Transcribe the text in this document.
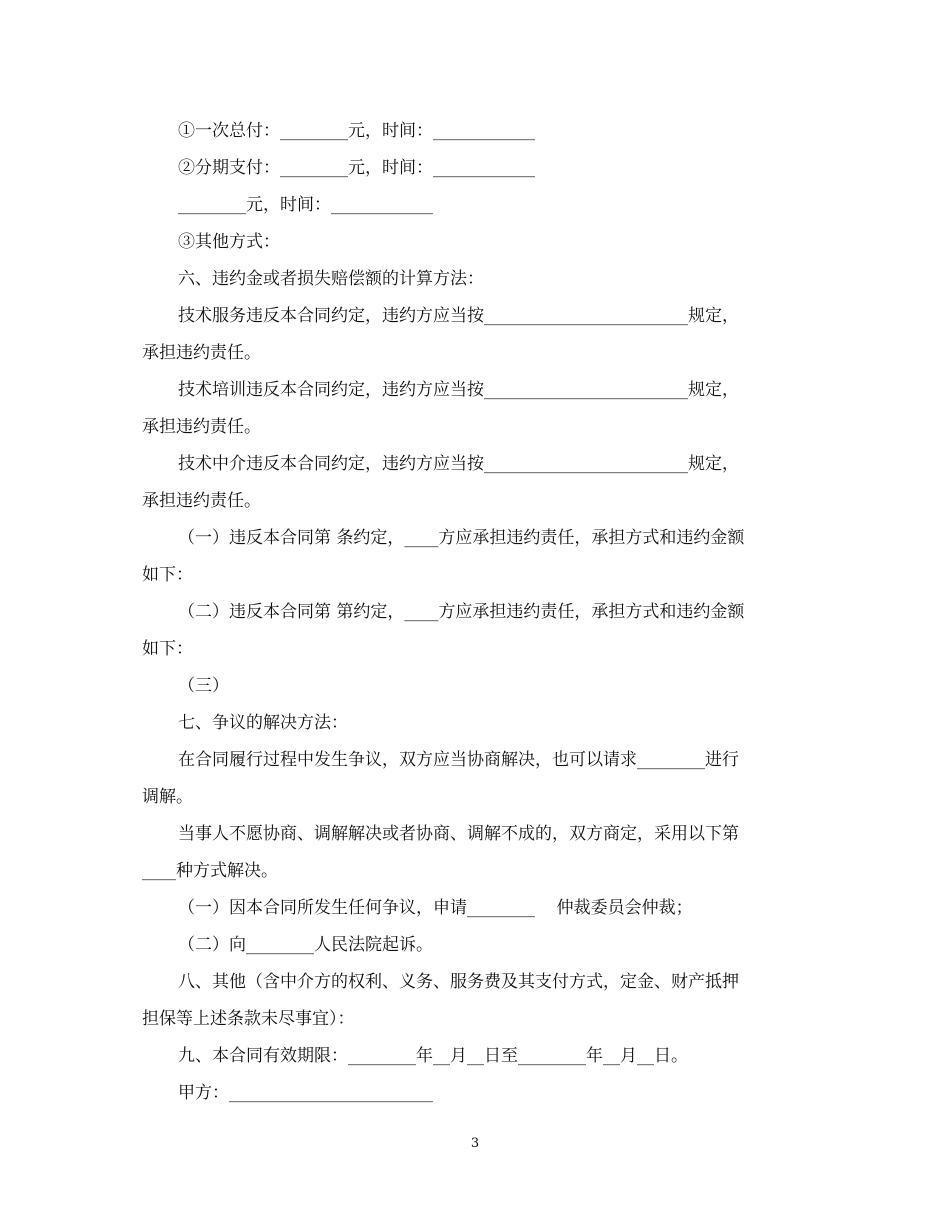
①一次总付：________元，时间：____________

②分期支付：________元，时间：____________

________元，时间：____________

③其他方式：

六、违约金或者损失赔偿额的计算方法：

技术服务违反本合同约定，违约方应当按________________________规定，

承担违约责任。

技术培训违反本合同约定，违约方应当按________________________规定，

承担违约责任。

技术中介违反本合同约定，违约方应当按________________________规定，

承担违约责任。

（一）违反本合同第 条约定，____方应承担违约责任，承担方式和违约金额

如下：

（二）违反本合同第 第约定，____方应承担违约责任，承担方式和违约金额

如下：

（三）

七、争议的解决方法：

在合同履行过程中发生争议，双方应当协商解决，也可以请求________进行

调解。

当事人不愿协商、调解解决或者协商、调解不成的，双方商定，采用以下第

____种方式解决。

（一）因本合同所发生任何争议，申请________    仲裁委员会仲裁；

（二）向________人民法院起诉。

八、其他（含中介方的权利、义务、服务费及其支付方式，定金、财产抵押

担保等上述条款未尽事宜）：

九、本合同有效期限：________年__月__日至________年__月__日。

甲方：________________________

3
